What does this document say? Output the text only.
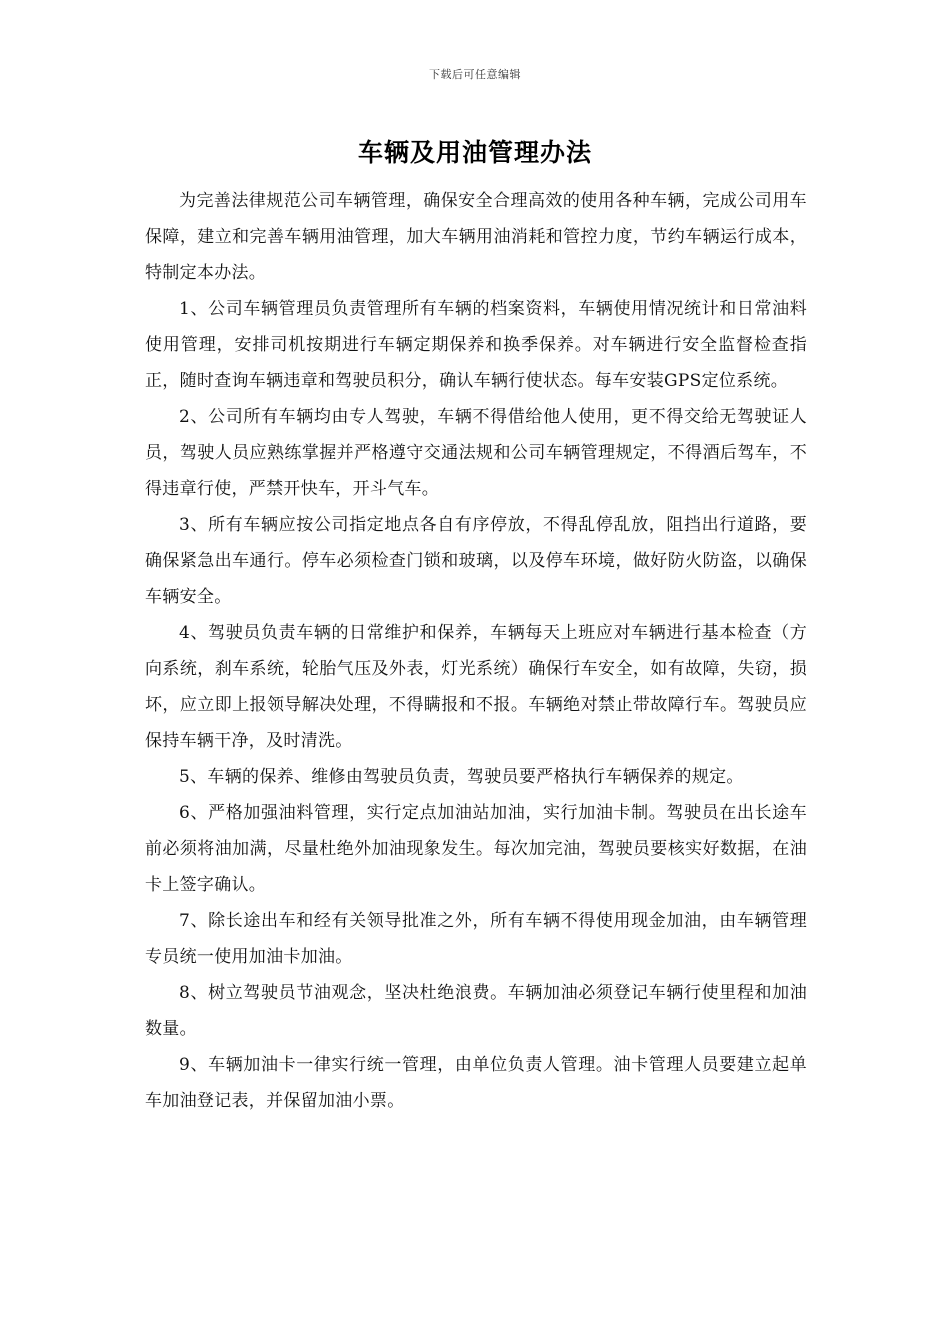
下载后可任意编辑
车辆及用油管理办法

为完善法律规范公司车辆管理，确保安全合理高效的使用各种车辆，完成公司用车保障，建立和完善车辆用油管理，加大车辆用油消耗和管控力度，节约车辆运行成本，特制定本办法。

1、公司车辆管理员负责管理所有车辆的档案资料，车辆使用情况统计和日常油料使用管理，安排司机按期进行车辆定期保养和换季保养。对车辆进行安全监督检查指正，随时查询车辆违章和驾驶员积分，确认车辆行使状态。每车安装GPS定位系统。

2、公司所有车辆均由专人驾驶，车辆不得借给他人使用，更不得交给无驾驶证人员，驾驶人员应熟练掌握并严格遵守交通法规和公司车辆管理规定，不得酒后驾车，不得违章行使，严禁开快车，开斗气车。

3、所有车辆应按公司指定地点各自有序停放，不得乱停乱放，阻挡出行道路，要确保紧急出车通行。停车必须检查门锁和玻璃，以及停车环境，做好防火防盗，以确保车辆安全。

4、驾驶员负责车辆的日常维护和保养，车辆每天上班应对车辆进行基本检查（方向系统，刹车系统，轮胎气压及外表，灯光系统）确保行车安全，如有故障，失窃，损坏，应立即上报领导解决处理，不得瞒报和不报。车辆绝对禁止带故障行车。驾驶员应保持车辆干净，及时清洗。

5、车辆的保养、维修由驾驶员负责，驾驶员要严格执行车辆保养的规定。

6、严格加强油料管理，实行定点加油站加油，实行加油卡制。驾驶员在出长途车前必须将油加满，尽量杜绝外加油现象发生。每次加完油，驾驶员要核实好数据，在油卡上签字确认。

7、除长途出车和经有关领导批准之外，所有车辆不得使用现金加油，由车辆管理专员统一使用加油卡加油。

8、树立驾驶员节油观念，坚决杜绝浪费。车辆加油必须登记车辆行使里程和加油数量。

9、车辆加油卡一律实行统一管理，由单位负责人管理。油卡管理人员要建立起单车加油登记表，并保留加油小票。
